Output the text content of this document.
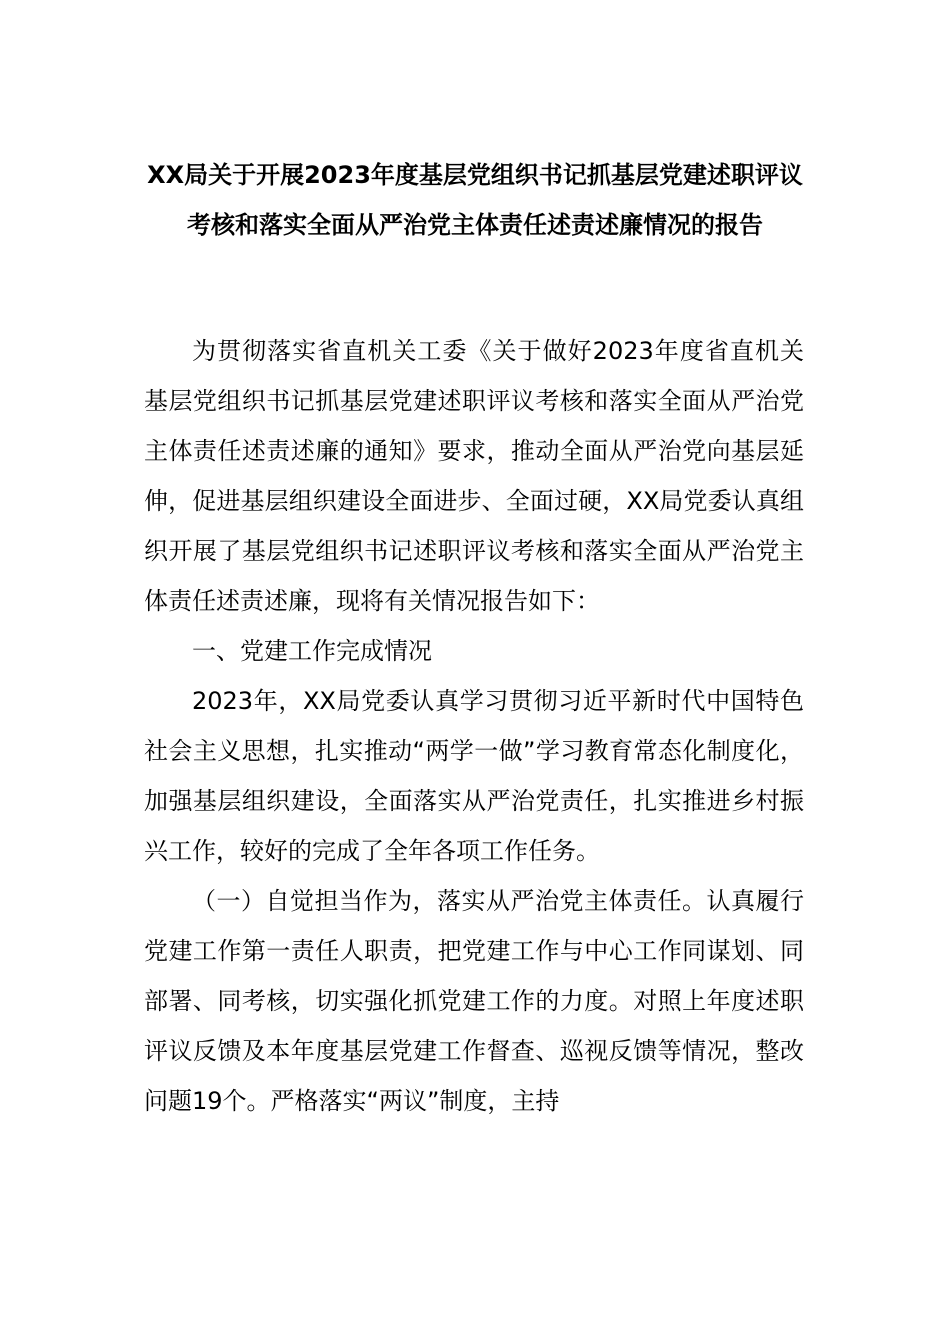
XX局关于开展2023年度基层党组织书记抓基层党建述职评议考核和落实全面从严治党主体责任述责述廉情况的报告

为贯彻落实省直机关工委《关于做好2023年度省直机关基层党组织书记抓基层党建述职评议考核和落实全面从严治党主体责任述责述廉的通知》要求，推动全面从严治党向基层延伸，促进基层组织建设全面进步、全面过硬，XX局党委认真组织开展了基层党组织书记述职评议考核和落实全面从严治党主体责任述责述廉，现将有关情况报告如下：

一、党建工作完成情况

2023年，XX局党委认真学习贯彻习近平新时代中国特色社会主义思想，扎实推动“两学一做”学习教育常态化制度化，加强基层组织建设，全面落实从严治党责任，扎实推进乡村振兴工作，较好的完成了全年各项工作任务。

（一）自觉担当作为，落实从严治党主体责任。认真履行党建工作第一责任人职责，把党建工作与中心工作同谋划、同部署、同考核，切实强化抓党建工作的力度。对照上年度述职评议反馈及本年度基层党建工作督查、巡视反馈等情况，整改问题19个。严格落实“两议”制度，主持
